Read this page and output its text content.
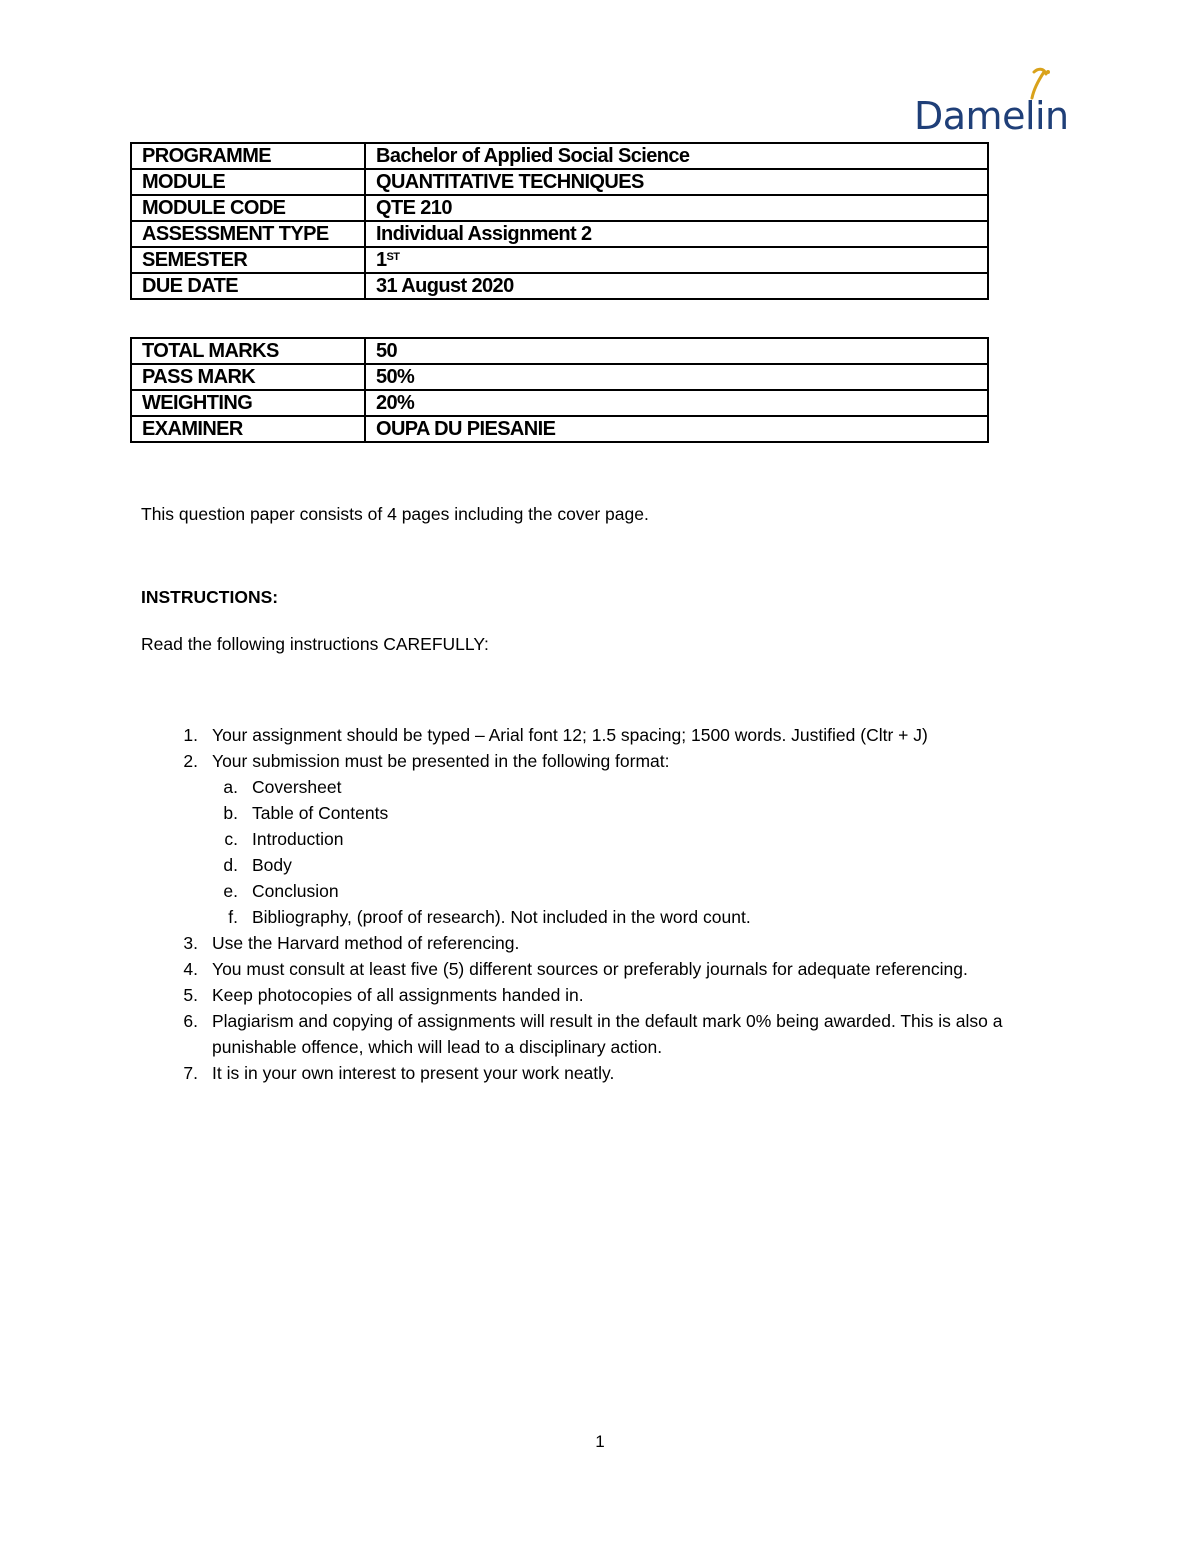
Damelin
PROGRAMME	Bachelor of Applied Social Science
MODULE	QUANTITATIVE TECHNIQUES
MODULE CODE	QTE 210
ASSESSMENT TYPE	Individual Assignment 2
SEMESTER	1ST
DUE DATE	31 August 2020
TOTAL MARKS	50
PASS MARK	50%
WEIGHTING	20%
EXAMINER	OUPA DU PIESANIE
This question paper consists of 4 pages including the cover page.
INSTRUCTIONS:
Read the following instructions CAREFULLY:
1. Your assignment should be typed – Arial font 12; 1.5 spacing; 1500 words. Justified (Cltr + J)
2. Your submission must be presented in the following format:
a. Coversheet
b. Table of Contents
c. Introduction
d. Body
e. Conclusion
f. Bibliography, (proof of research). Not included in the word count.
3. Use the Harvard method of referencing.
4. You must consult at least five (5) different sources or preferably journals for adequate referencing.
5. Keep photocopies of all assignments handed in.
6. Plagiarism and copying of assignments will result in the default mark 0% being awarded. This is also a punishable offence, which will lead to a disciplinary action.
7. It is in your own interest to present your work neatly.
1
